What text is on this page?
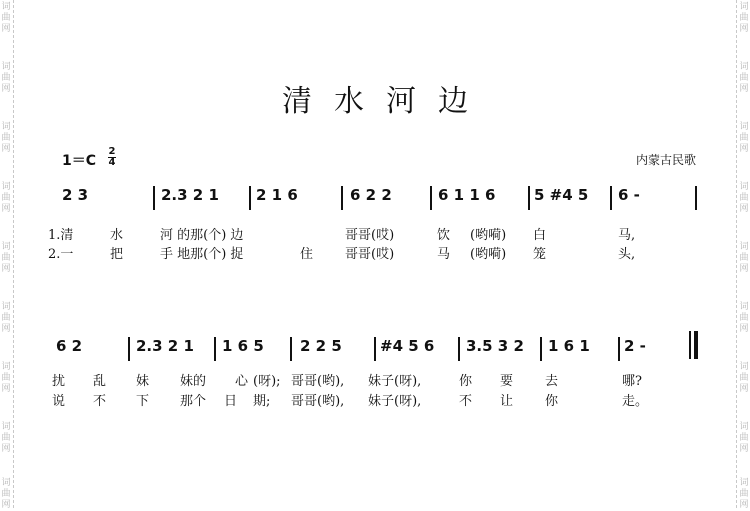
词
曲
网
词
曲
网
词
曲
网
词
曲
网
词
曲
网
词
曲
网
词
曲
网
词
曲
网
词
曲
网
词
曲
网
词
曲
网
词
曲
网
词
曲
网
词
曲
网
词
曲
网
词
曲
网
词
曲
网
词
曲
网
清水河边
1＝C
2
4	内蒙古民歌
2 3	2.3 2 1	2 1 6	6 2 2	6 1 1 6	5 #4 5	6 -
1.清	水	河 的那(个) 边	哥哥(哎)	饮 (哟嗬) 白	马,
2.一	把	手 地那(个) 捉	住 哥哥(哎)	马 (哟嗬) 笼	头,
6 2	2.3 2 1	1 6 5	2 2 5	#4 5 6	3.5 3 2	1 6 1	2 -
扰 乱 妹 妹的 心 (呀); 哥哥(哟), 妹子(呀),	你 要 去	哪?
说 不 下 那个 日 期; 哥哥(哟), 妹子(呀),	不 让 你	走。
